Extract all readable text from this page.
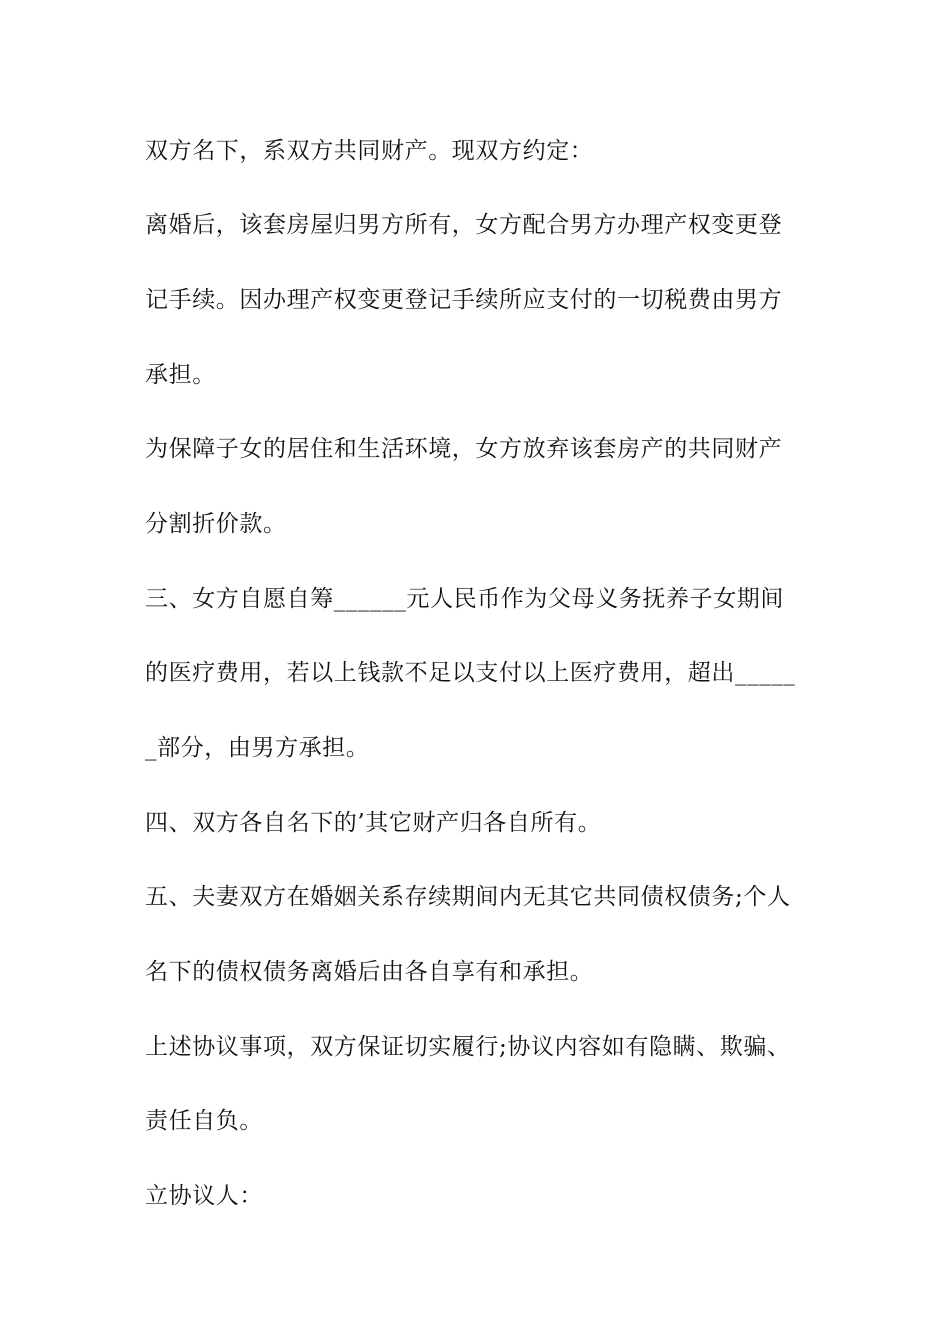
双方名下，系双方共同财产。现双方约定：
离婚后，该套房屋归男方所有，女方配合男方办理产权变更登
记手续。因办理产权变更登记手续所应支付的一切税费由男方
承担。
为保障子女的居住和生活环境，女方放弃该套房产的共同财产
分割折价款。
三、女方自愿自筹______元人民币作为父母义务抚养子女期间
的医疗费用，若以上钱款不足以支付以上医疗费用，超出_____
_部分，由男方承担。
四、双方各自名下的’其它财产归各自所有。
五、夫妻双方在婚姻关系存续期间内无其它共同债权债务;个人
名下的债权债务离婚后由各自享有和承担。
上述协议事项，双方保证切实履行;协议内容如有隐瞒、欺骗、
责任自负。
立协议人：
